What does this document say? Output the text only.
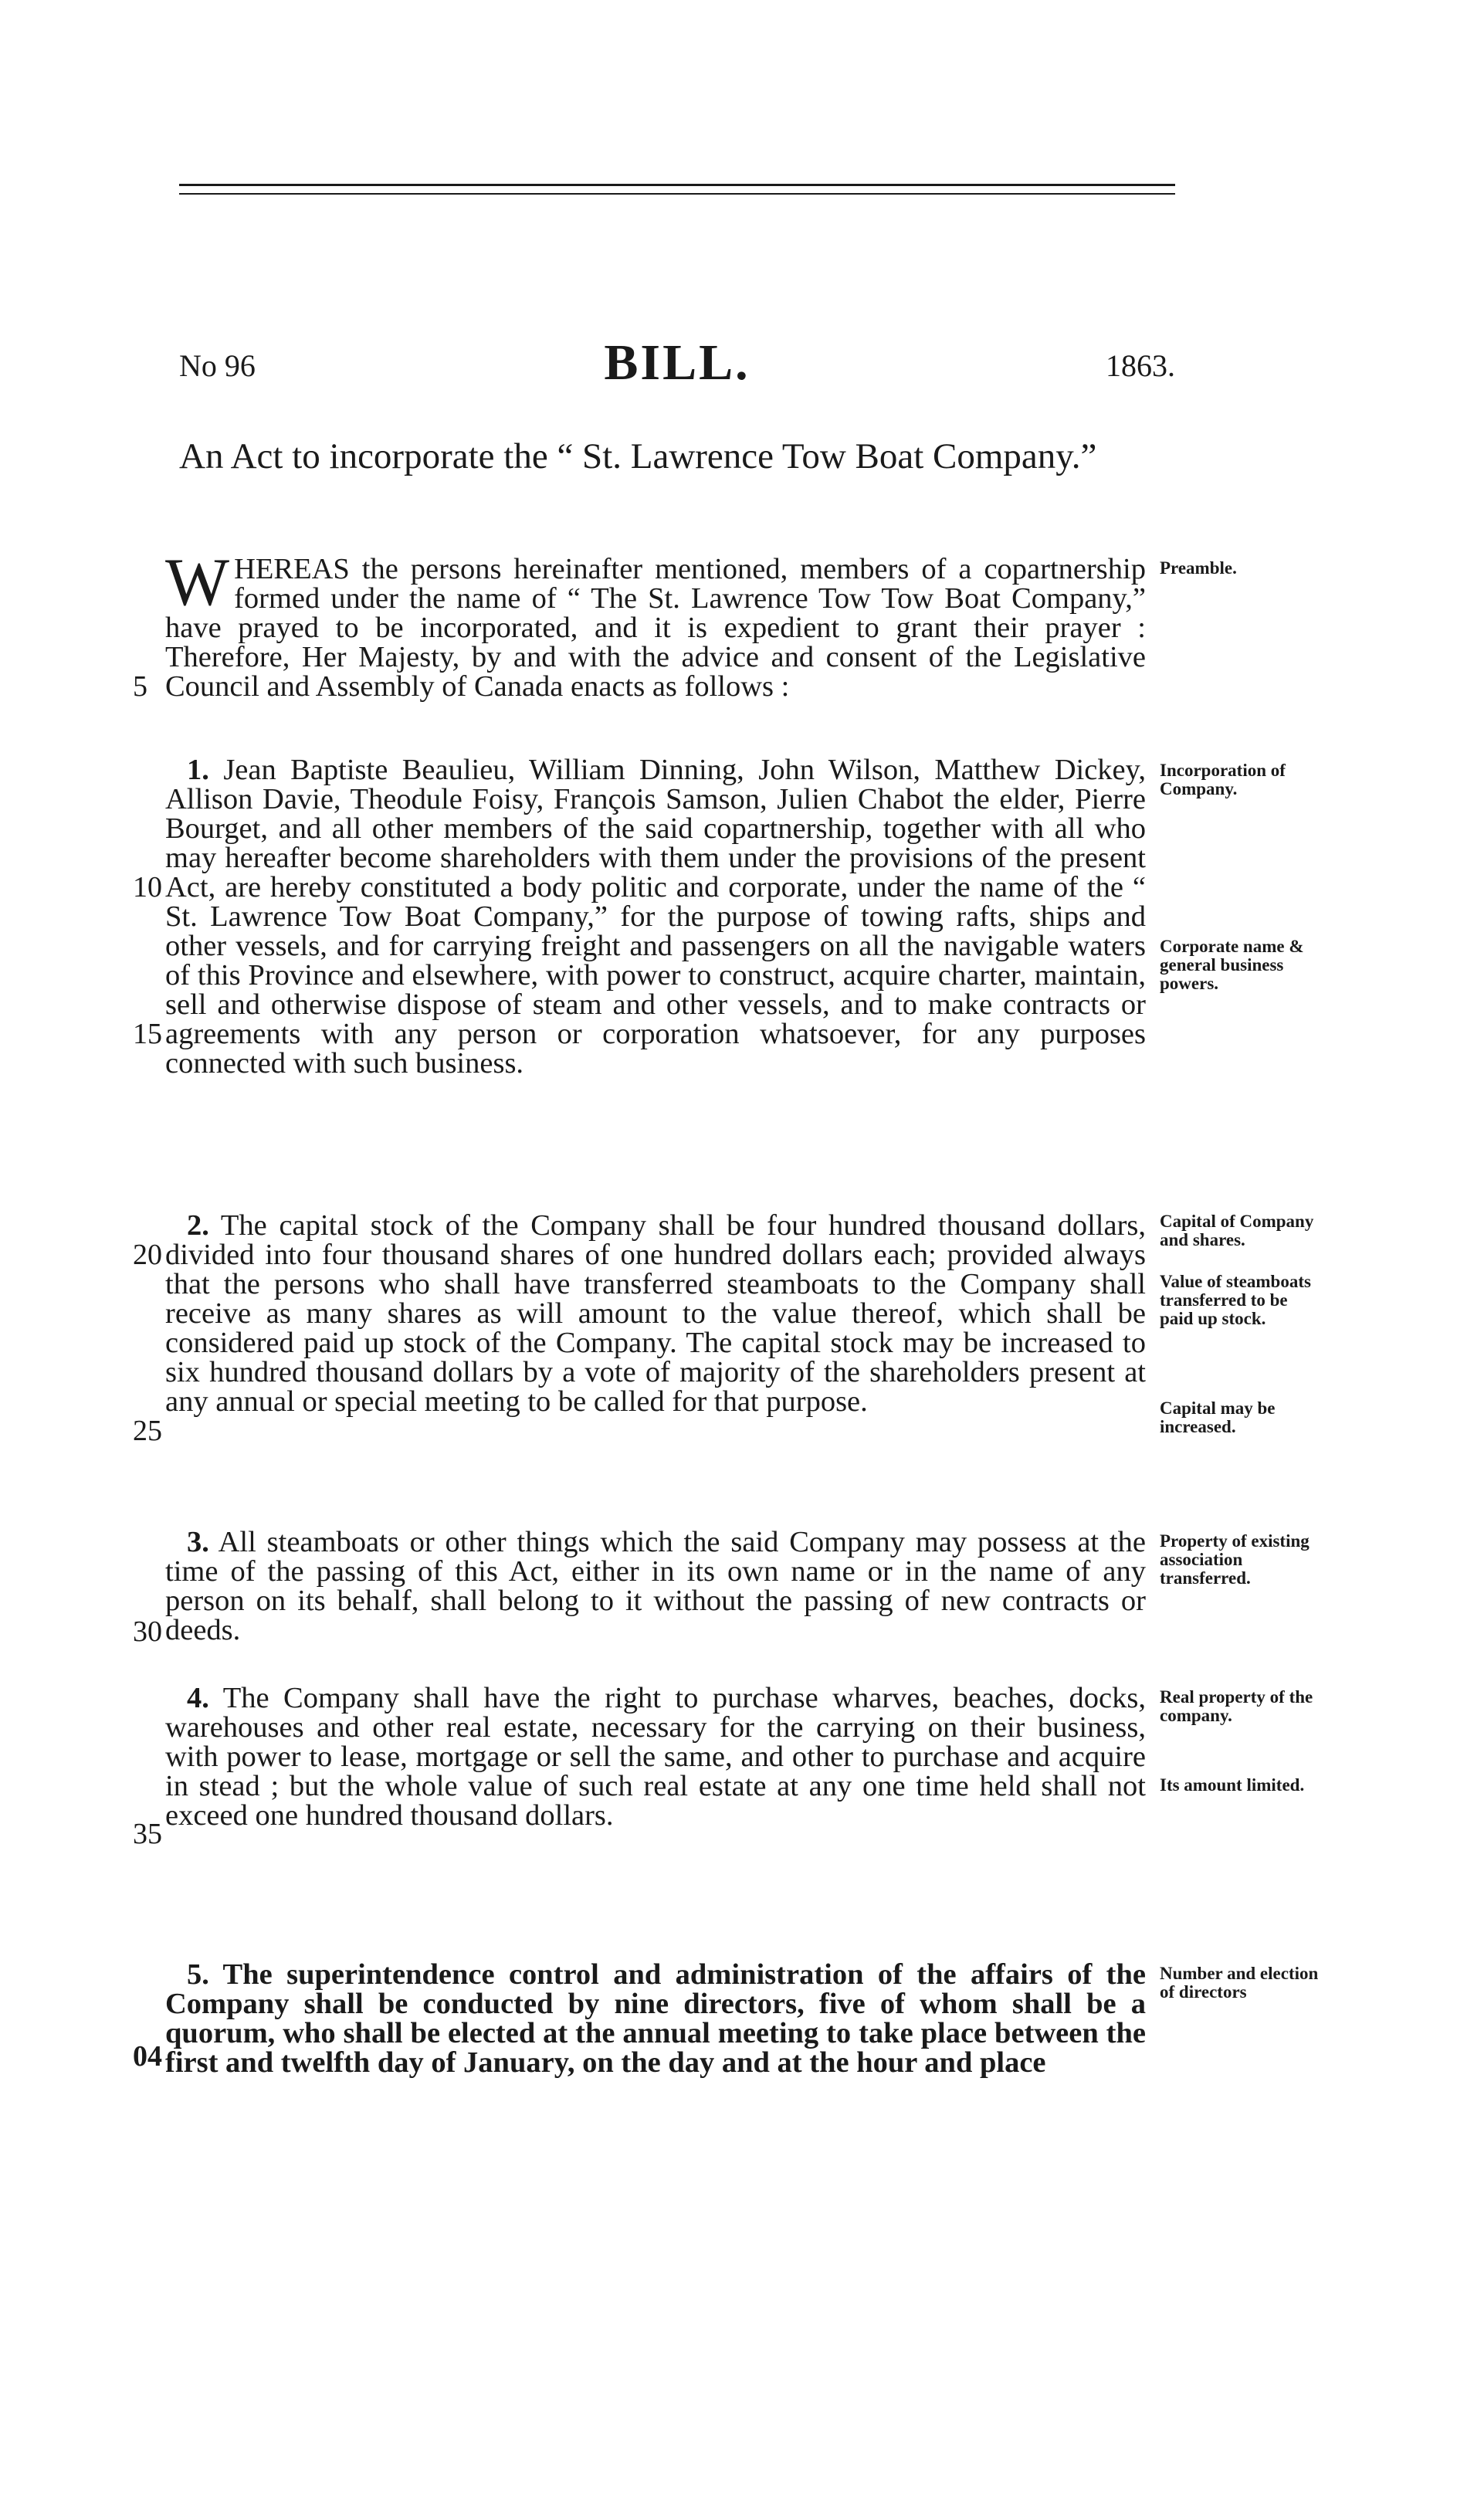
No 96	BILL.	1863.
An Act to incorporate the “ St. Lawrence Tow Boat Company.”
W HEREAS the persons hereinafter mentioned, members of a copartnership formed under the name of “ The St. Lawrence Tow Tow Boat Company,” have prayed to be incorporated, and it is expedient to grant their prayer : Therefore, Her Majesty, by and with the advice and consent of the Legislative Council and Assembly of Canada enacts as follows :

1. Jean Baptiste Beaulieu, William Dinning, John Wilson, Matthew Dickey, Allison Davie, Theodule Foisy, François Samson, Julien Chabot the elder, Pierre Bourget, and all other members of the said copartnership, together with all who may hereafter become shareholders with them under the provisions of the present Act, are hereby constituted a body politic and corporate, under the name of the “ St. Lawrence Tow Boat Company,” for the purpose of towing rafts, ships and other vessels, and for carrying freight and passengers on all the navigable waters of this Province and elsewhere, with power to construct, acquire charter, maintain, sell and otherwise dispose of steam and other vessels, and to make contracts or agreements with any person or corporation whatsoever, for any purposes connected with such business.

2. The capital stock of the Company shall be four hundred thousand dollars, divided into four thousand shares of one hundred dollars each; provided always that the persons who shall have transferred steamboats to the Company shall receive as many shares as will amount to the value thereof, which shall be considered paid up stock of the Company. The capital stock may be increased to six hundred thousand dollars by a vote of majority of the shareholders present at any annual or special meeting to be called for that purpose.

3. All steamboats or other things which the said Company may possess at the time of the passing of this Act, either in its own name or in the name of any person on its behalf, shall belong to it without the passing of new contracts or deeds.

4. The Company shall have the right to purchase wharves, beaches, docks, warehouses and other real estate, necessary for the carrying on their business, with power to lease, mortgage or sell the same, and other to purchase and acquire in stead ; but the whole value of such real estate at any one time held shall not exceed one hundred thousand dollars.

5. The superintendence control and administration of the affairs of the Company shall be conducted by nine directors, five of whom shall be a quorum, who shall be elected at the annual meeting to take place between the first and twelfth day of January, on the day and at the hour and place

5
10
15
20
25
30
35
04
Preamble.
Incorporation of Company.
Corporate name & general business powers.
Capital of Company and shares.
Value of steamboats transferred to be paid up stock.
Capital may be increased.
Property of existing association transferred.
Real property of the company.
Its amount limited.
Number and election of directors
